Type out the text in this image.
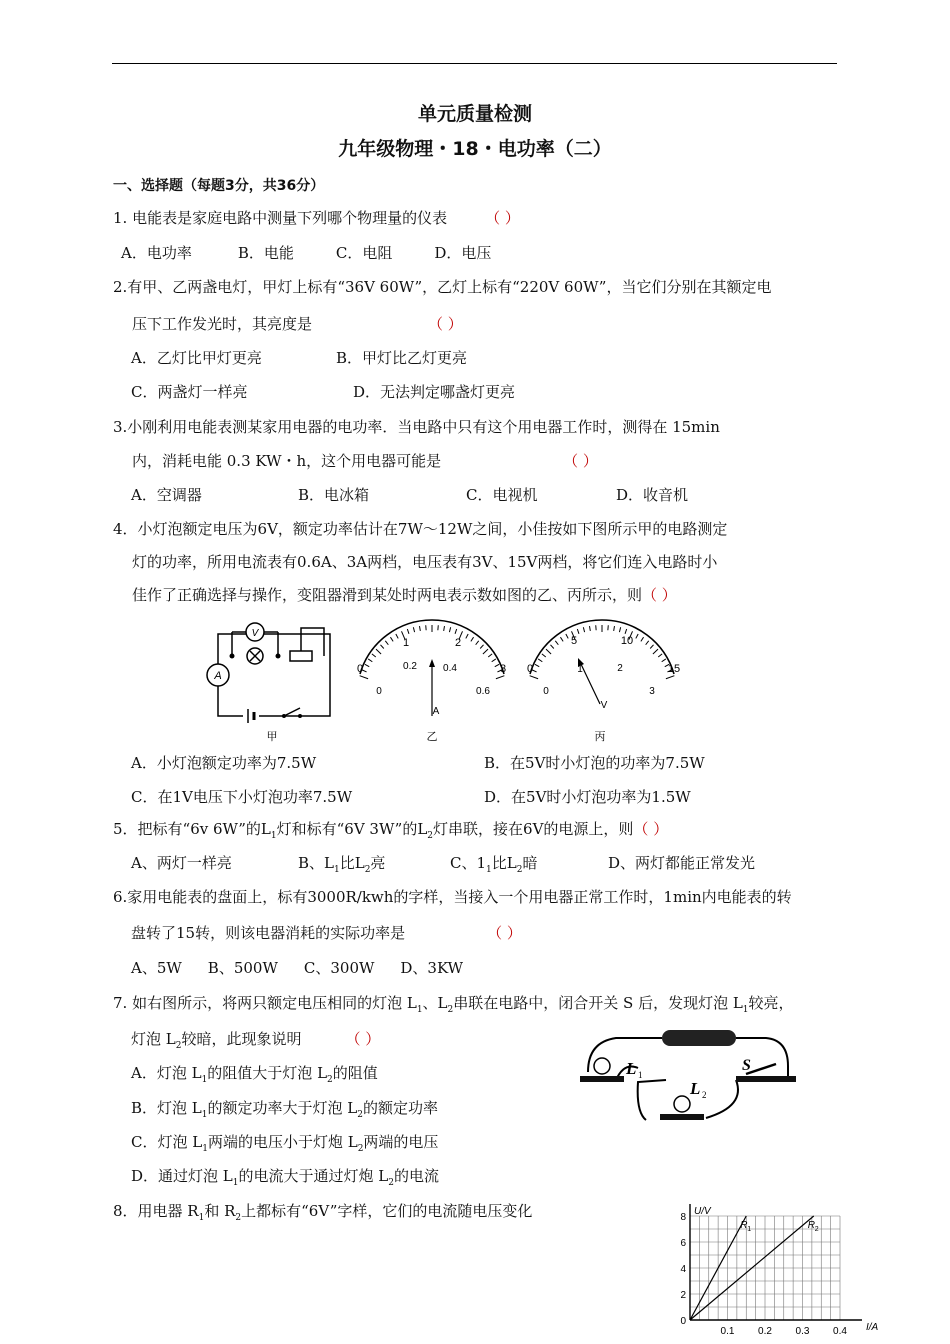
单元质量检测
九年级物理・18・电功率（二）
一、选择题（每题3分，共36分）
1. 电能表是家庭电路中测量下列哪个物理量的仪表	（ ）
A．电功率	B．电能	C．电阻	D．电压
2.有甲、乙两盏电灯，甲灯上标有“36V 60W”，乙灯上标有“220V 60W”，当它们分别在其额定电
压下工作发光时，其亮度是	（ ）
A．乙灯比甲灯更亮	B．甲灯比乙灯更亮
C．两盏灯一样亮	D．无法判定哪盏灯更亮
3.小刚利用电能表测某家用电器的电功率．当电路中只有这个用电器工作时，测得在 15min
内，消耗电能 0.3 KW・h，这个用电器可能是	（ ）
A．空调器	B．电冰箱	C．电视机	D．收音机
4．小灯泡额定电压为6V，额定功率估计在7W～12W之间，小佳按如下图所示甲的电路测定
灯的功率，所用电流表有0.6A、3A两档，电压表有3V、15V两档，将它们连入电路时小
佳作了正确选择与操作，变阻器滑到某处时两电表示数如图的乙、丙所示，则（ ）
V
A
甲
0
1	2
3
0
0.2	0.4
0.6
A
乙
0
5	10
15
0
1	2
3
V
丙
A．小灯泡额定功率为7.5W	B．在5V时小灯泡的功率为7.5W
C．在1V电压下小灯泡功率7.5W	D．在5V时小灯泡功率为1.5W
5．把标有“6v 6W”的$L_1$灯和标有“6V 3W”的$L_2$灯串联，接在6V的电源上，则（ ）
A、两灯一样亮	B、$L_1$比$L_2$亮	C、$1_1$比$L_2$暗	D、两灯都能正常发光
6.家用电能表的盘面上，标有3000R/kwh的字样，当接入一个用电器正常工作时，1min内电能表的转
盘转了15转，则该电器消耗的实际功率是	（ ）
A、5W B、500W C、300W D、3KW
7. 如右图所示，将两只额定电压相同的灯泡 $L_1$、$L_2$串联在电路中，闭合开关 S 后，发现灯泡 $L_1$较亮，
灯泡 $L_2$较暗，此现象说明	（ ）
A．灯泡 $L_1$的阻值大于灯泡 $L_2$的阻值
B．灯泡 $L_1$的额定功率大于灯泡 $L_2$的额定功率
C．灯泡 $L_1$两端的电压小于灯炮 $L_2$两端的电压
D．通过灯泡 $L_1$的电流大于通过灯炮 $L_2$的电流
L 1
L 2
S
8．用电器 $R_1$和 $R_2$上都标有“6V”字样，它们的电流随电压变化
I/A
U/V
0.1 0.2 0.3 0.4
0
2
4
6
8
R 1	R 2
